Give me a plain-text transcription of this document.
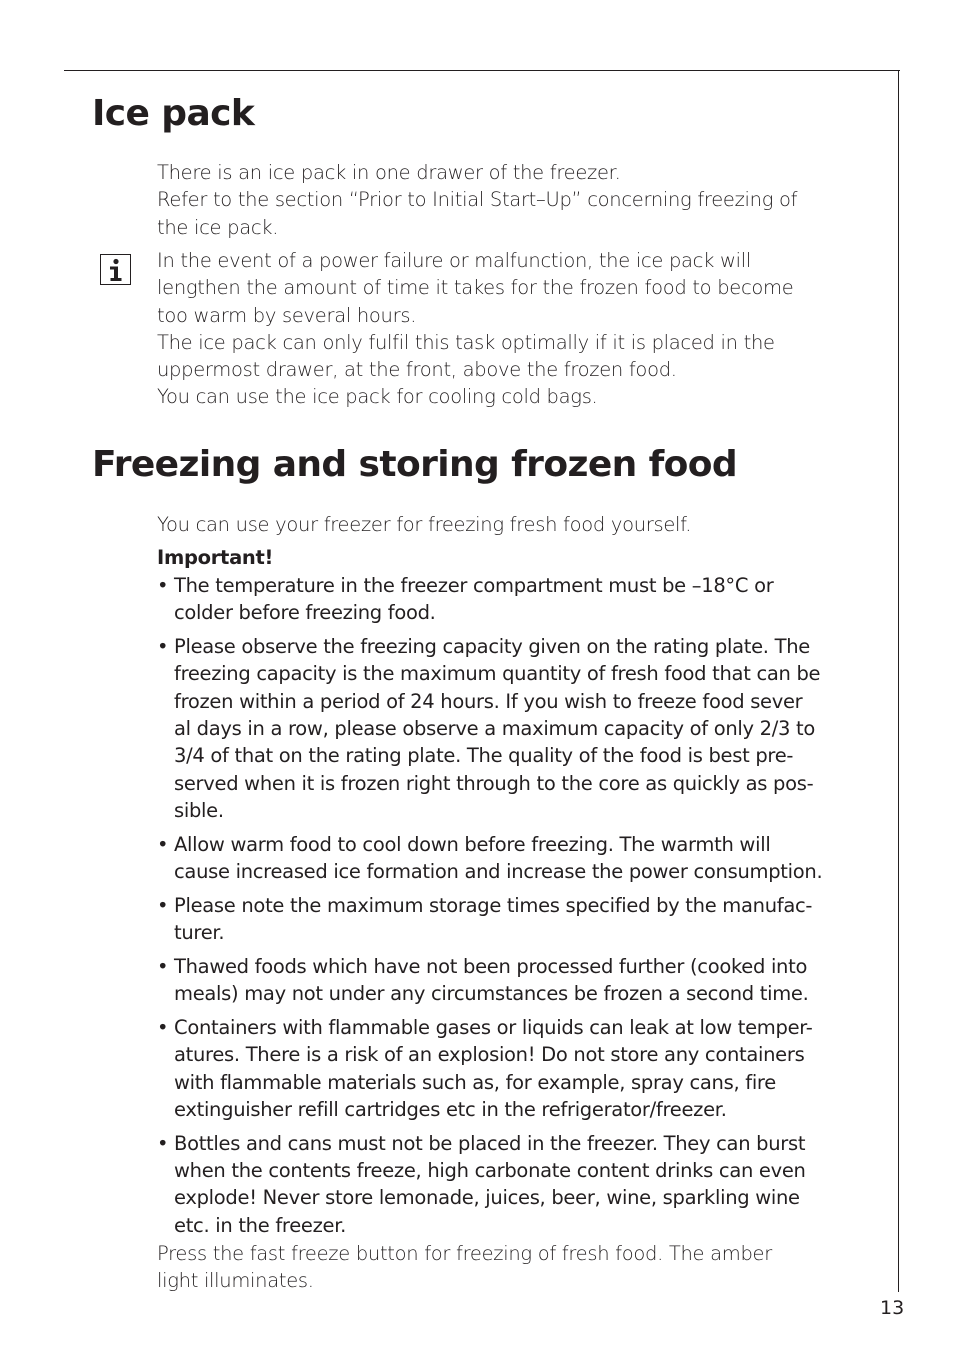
Ice pack

There is an ice pack in one drawer of the freezer.

Refer to the section “Prior to Initial Start–Up” concerning freezing of

the ice pack.

In the event of a power failure or malfunction, the ice pack will

lengthen the amount of time it takes for the frozen food to become

too warm by several hours.

The ice pack can only fulfil this task optimally if it is placed in the

uppermost drawer, at the front, above the frozen food.

You can use the ice pack for cooling cold bags.

Freezing and storing frozen food

You can use your freezer for freezing fresh food yourself.

Important!
• The temperature in the freezer compartment must be –18°C or
colder before freezing food.
• Please observe the freezing capacity given on the rating plate. The
freezing capacity is the maximum quantity of fresh food that can be
frozen within a period of 24 hours. If you wish to freeze food sever
al days in a row, please observe a maximum capacity of only 2/3 to
3/4 of that on the rating plate. The quality of the food is best pre-
served when it is frozen right through to the core as quickly as pos-
sible.
• Allow warm food to cool down before freezing. The warmth will
cause increased ice formation and increase the power consumption.
• Please note the maximum storage times specified by the manufac-
turer.
• Thawed foods which have not been processed further (cooked into
meals) may not under any circumstances be frozen a second time.
• Containers with flammable gases or liquids can leak at low temper-
atures. There is a risk of an explosion! Do not store any containers
with flammable materials such as, for example, spray cans, fire
extinguisher refill cartridges etc in the refrigerator/freezer.
• Bottles and cans must not be placed in the freezer. They can burst
when the contents freeze, high carbonate content drinks can even
explode! Never store lemonade, juices, beer, wine, sparkling wine
etc. in the freezer.

Press the fast freeze button for freezing of fresh food. The amber

light illuminates.

13
